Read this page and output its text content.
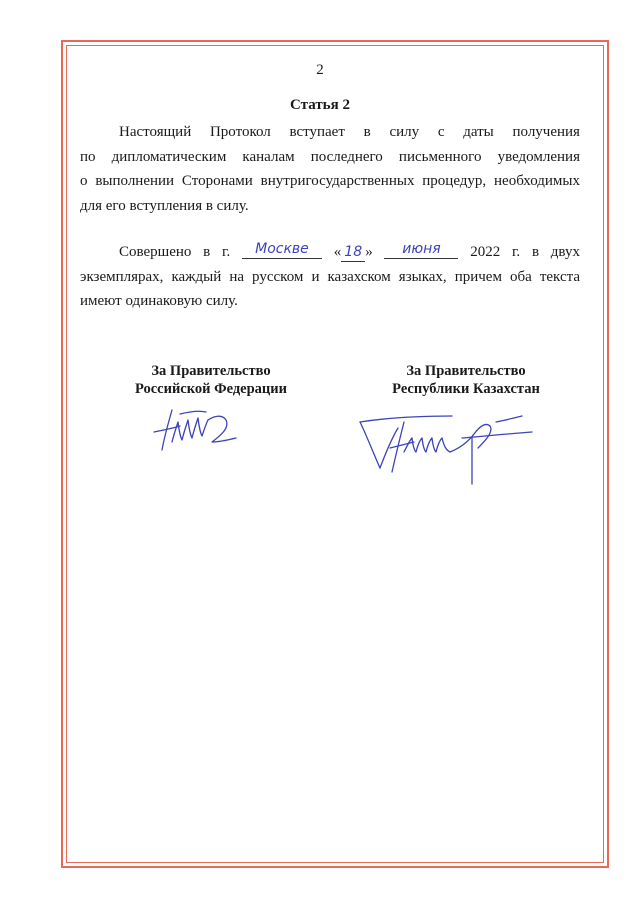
2
Статья 2
Настоящий Протокол вступает в силу с даты получения
по дипломатическим каналам последнего письменного уведомления
о выполнении Сторонами внутригосударственных процедур, необходимых
для его вступления в силу.
Совершено в г.	Москве	« 18 »	июня	2022 г. в двух
экземплярах, каждый на русском и казахском языках, причем оба текста
имеют одинаковую силу.
За Правительство
Российской Федерации
За Правительство
Республики Казахстан
